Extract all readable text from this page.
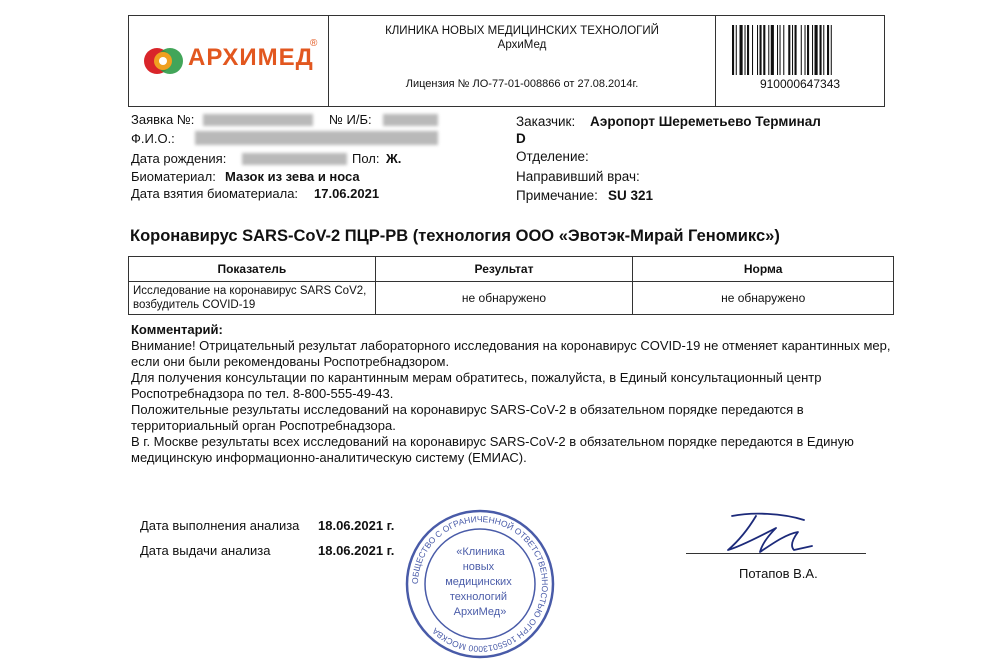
АРХИМЕД
®
КЛИНИКА НОВЫХ МЕДИЦИНСКИХ ТЕХНОЛОГИЙ
АрхиМед
Лицензия № ЛО-77-01-008866 от 27.08.2014г.	910000647343
Заявка №:	№ И/Б:
Ф.И.О.:
Дата рождения:	Пол: Ж.
Биоматериал: Мазок из зева и носа
Дата взятия биоматериала: 17.06.2021
Заказчик: Аэропорт Шереметьево Терминал
D
Отделение:
Направивший врач:
Примечание: SU 321
Коронавирус SARS-CoV-2 ПЦР-РВ (технология ООО «Эвотэк-Мирай Геномикс»)
Показатель	Результат	Норма
Исследование на коронавирус SARS CoV2, возбудитель COVID-19	не обнаружено	не обнаружено

Комментарий:

Внимание! Отрицательный результат лабораторного исследования на коронавирус COVID-19 не отменяет карантинных мер, если они были рекомендованы Роспотребнадзором.

Для получения консультации по карантинным мерам обратитесь, пожалуйста, в Единый консультационный центр Роспотребнадзора по тел. 8-800-555-49-43.

Положительные результаты исследований на коронавирус SARS-CoV-2 в обязательном порядке передаются в территориальный орган Роспотребнадзора.

В г. Москве результаты всех исследований на коронавирус SARS-CoV-2 в обязательном порядке передаются в Единую медицинскую информационно-аналитическую систему (ЕМИАС).

Дата выполнения анализа 18.06.2021 г.
Дата выдачи анализа	18.06.2021 г.
ОБЩЕСТВО С ОГРАНИЧЕННОЙ ОТВЕТСТВЕННОСТЬЮ ОГРН 1055013000 МОСКВА
«Клиника новых медицинских технологий АрхиМед»
Потапов В.А.
